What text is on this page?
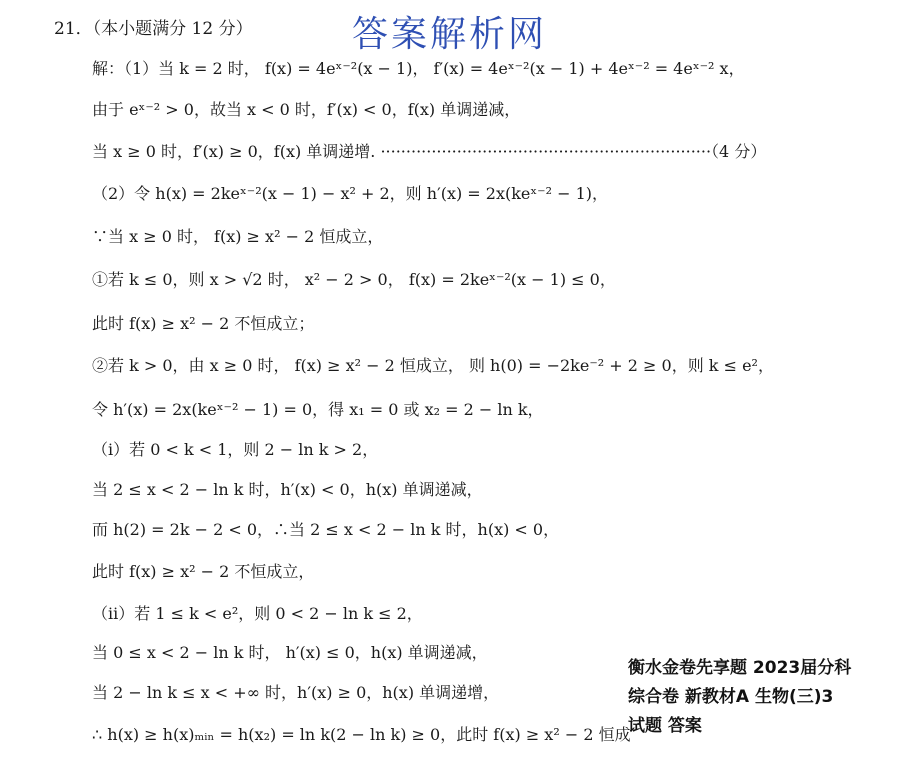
21．（本小题满分 12 分）	答案解析网
解：（1）当 k = 2 时， f(x) = 4eˣ⁻²(x − 1)， f′(x) = 4eˣ⁻²(x − 1) + 4eˣ⁻² = 4eˣ⁻² x，
由于 eˣ⁻² > 0，故当 x < 0 时，f′(x) < 0，f(x) 单调递减，
当 x ≥ 0 时，f′(x) ≥ 0，f(x) 单调递增. ·································································（4 分）
（2）令 h(x) = 2keˣ⁻²(x − 1) − x² + 2，则 h′(x) = 2x(keˣ⁻² − 1)，
∵当 x ≥ 0 时， f(x) ≥ x² − 2 恒成立，
①若 k ≤ 0，则 x > √2 时， x² − 2 > 0， f(x) = 2keˣ⁻²(x − 1) ≤ 0，
此时 f(x) ≥ x² − 2 不恒成立；
②若 k > 0，由 x ≥ 0 时， f(x) ≥ x² − 2 恒成立， 则 h(0) = −2ke⁻² + 2 ≥ 0，则 k ≤ e²，
令 h′(x) = 2x(keˣ⁻² − 1) = 0，得 x₁ = 0 或 x₂ = 2 − ln k，
（ⅰ）若 0 < k < 1，则 2 − ln k > 2，
当 2 ≤ x < 2 − ln k 时，h′(x) < 0，h(x) 单调递减，
而 h(2) = 2k − 2 < 0，∴当 2 ≤ x < 2 − ln k 时，h(x) < 0，
此时 f(x) ≥ x² − 2 不恒成立，
（ⅱ）若 1 ≤ k < e²，则 0 < 2 − ln k ≤ 2，
当 0 ≤ x < 2 − ln k 时， h′(x) ≤ 0，h(x) 单调递减，
当 2 − ln k ≤ x < +∞ 时，h′(x) ≥ 0，h(x) 单调递增，
∴ h(x) ≥ h(x)ₘᵢₙ = h(x₂) = ln k(2 − ln k) ≥ 0，此时 f(x) ≥ x² − 2 恒成
衡水金卷先享题 2023届分科
综合卷 新教材A 生物(三)3
试题 答案
